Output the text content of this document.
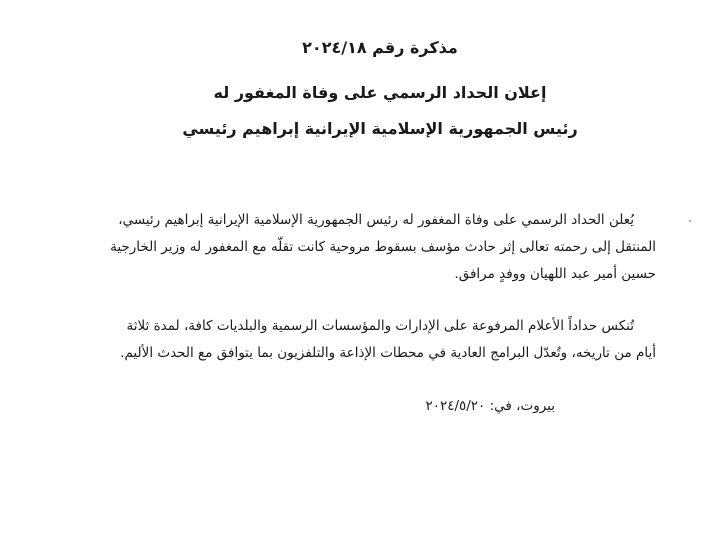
مذكرة رقم ٢٠٢٤/١٨
إعلان الحداد الرسمي على وفاة المغفور له
رئيس الجمهورية الإسلامية الإيرانية إبراهيم رئيسي
يُعلن الحداد الرسمي على وفاة المغفور له رئيس الجمهورية الإسلامية الإيرانية إبراهيم رئيسي،
المنتقل إلى رحمته تعالى إثر حادث مؤسف بسقوط مروحية كانت تقلّه مع المغفور له وزير الخارجية
حسين أمير عبد اللهيان ووفدٍ مرافق.
تُنكس حداداً الأعلام المرفوعة على الإدارات والمؤسسات الرسمية والبلديات كافة، لمدة ثلاثة
أيام من تاريخه، وتُعدّل البرامج العادية في محطات الإذاعة والتلفزيون بما يتوافق مع الحدث الأليم.
بيروت، في: ٢٠٢٤/٥/٢٠
